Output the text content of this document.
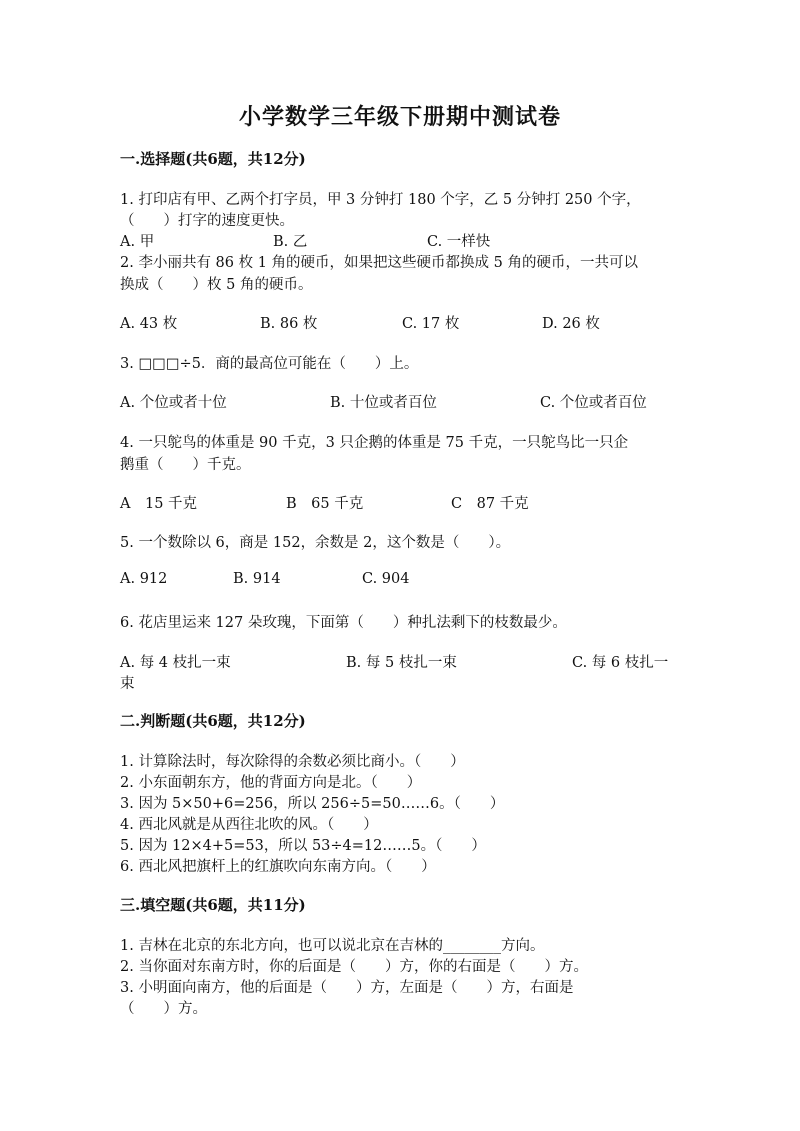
小学数学三年级下册期中测试卷
一.选择题(共6题，共12分)
1. 打印店有甲、乙两个打字员，甲 3 分钟打 180 个字，乙 5 分钟打 250 个字，
（　　）打字的速度更快。
A. 甲	B. 乙	C. 一样快
2. 李小丽共有 86 枚 1 角的硬币，如果把这些硬币都换成 5 角的硬币，一共可以
换成（　　）枚 5 角的硬币。
A. 43 枚	B. 86 枚	C. 17 枚	D. 26 枚
3. □□□÷5．商的最高位可能在（　　）上。
A. 个位或者十位	B. 十位或者百位	C. 个位或者百位
4. 一只鸵鸟的体重是 90 千克，3 只企鹅的体重是 75 千克，一只鸵鸟比一只企
鹅重（　　）千克。
A　15 千克	B　65 千克	C　87 千克
5. 一个数除以 6，商是 152，余数是 2，这个数是（　　）。
A. 912	B. 914	C. 904
6. 花店里运来 127 朵玫瑰，下面第（　　）种扎法剩下的枝数最少。
A. 每 4 枝扎一束	B. 每 5 枝扎一束	C. 每 6 枝扎一
束
二.判断题(共6题，共12分)
1. 计算除法时，每次除得的余数必须比商小。（　　）
2. 小东面朝东方，他的背面方向是北。（　　）
3. 因为 5×50+6=256，所以 256÷5=50……6。（　　）
4. 西北风就是从西往北吹的风。（　　）
5. 因为 12×4+5=53，所以 53÷4=12……5。（　　）
6. 西北风把旗杆上的红旗吹向东南方向。（　　）
三.填空题(共6题，共11分)
1. 吉林在北京的东北方向，也可以说北京在吉林的________方向。
2. 当你面对东南方时，你的后面是（　　）方，你的右面是（　　）方。
3. 小明面向南方，他的后面是（　　）方，左面是（　　）方，右面是
（　　）方。
